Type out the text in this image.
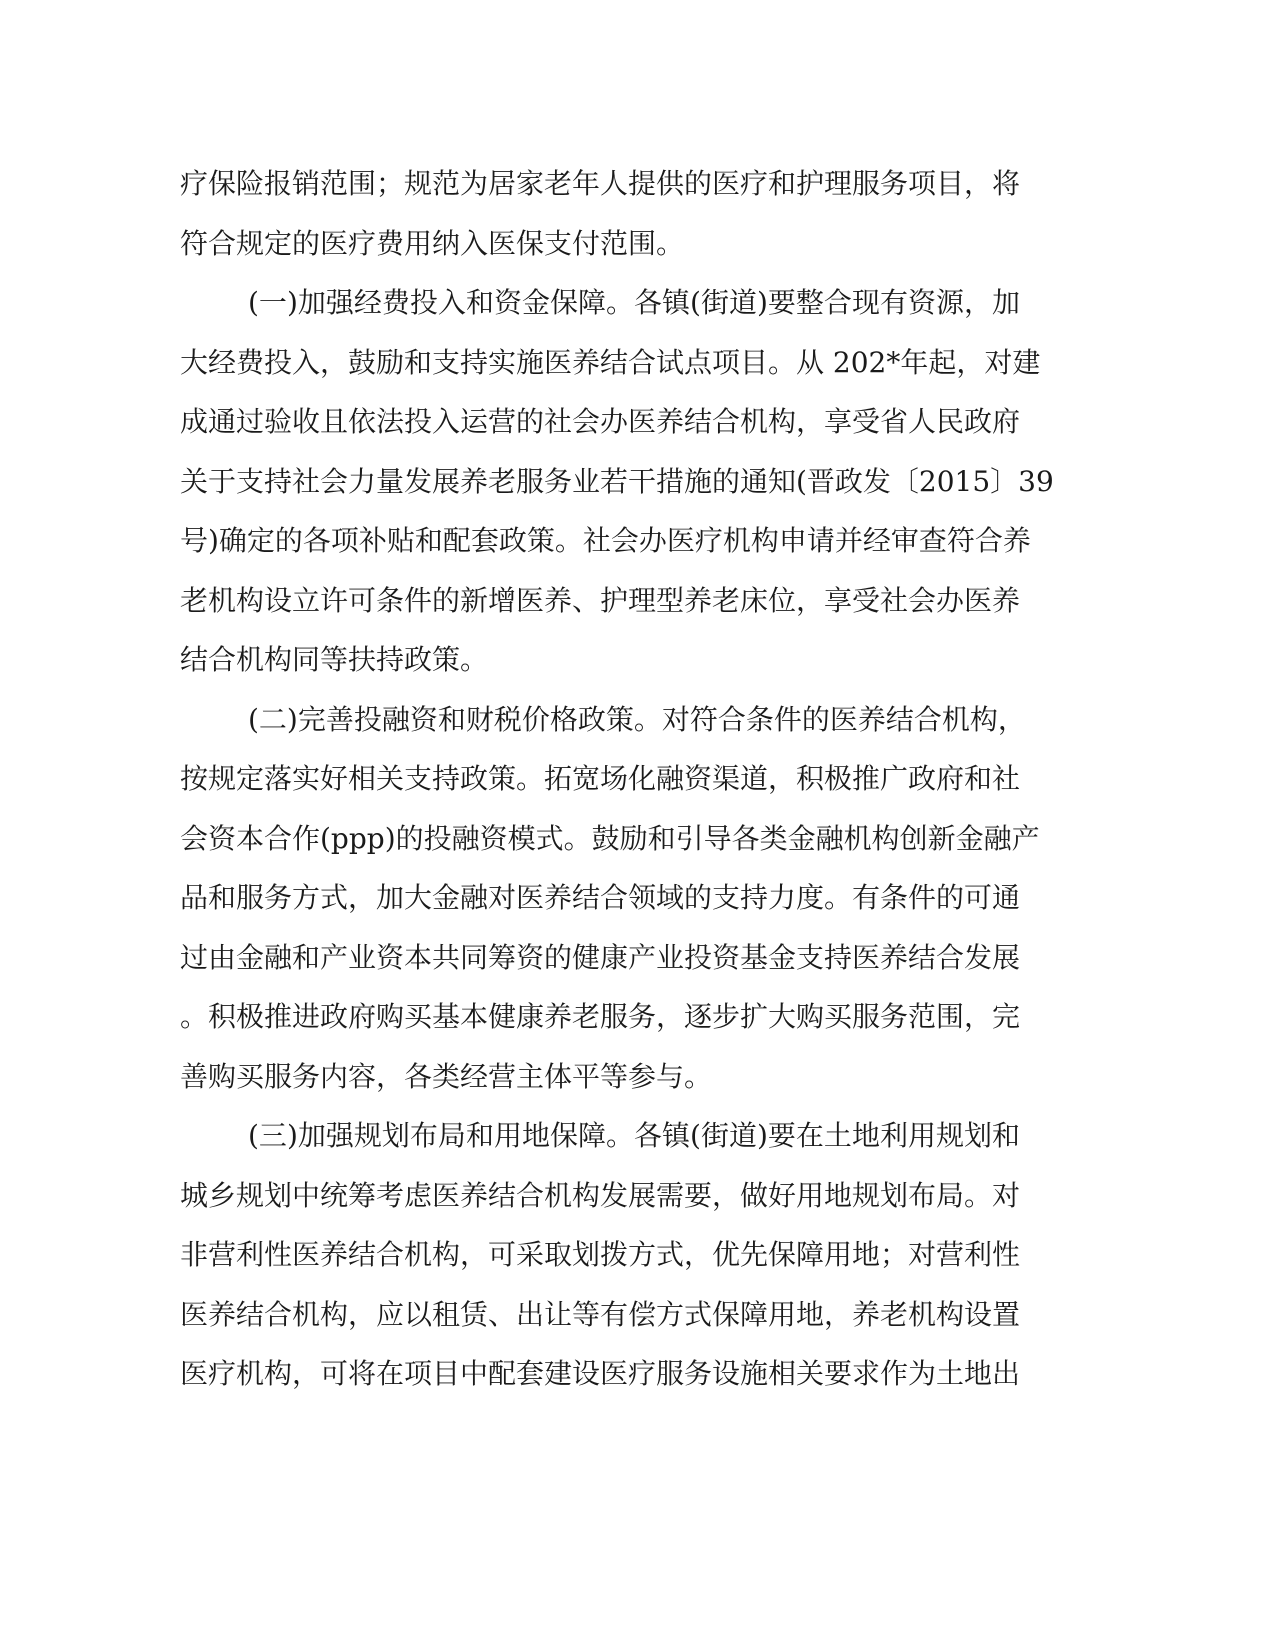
疗保险报销范围；规范为居家老年人提供的医疗和护理服务项目，将
符合规定的医疗费用纳入医保支付范围。
(一)加强经费投入和资金保障。各镇(街道)要整合现有资源，加
大经费投入，鼓励和支持实施医养结合试点项目。从 202*年起，对建
成通过验收且依法投入运营的社会办医养结合机构，享受省人民政府
关于支持社会力量发展养老服务业若干措施的通知(晋政发〔2015〕39
号)确定的各项补贴和配套政策。社会办医疗机构申请并经审查符合养
老机构设立许可条件的新增医养、护理型养老床位，享受社会办医养
结合机构同等扶持政策。
(二)完善投融资和财税价格政策。对符合条件的医养结合机构，
按规定落实好相关支持政策。拓宽场化融资渠道，积极推广政府和社
会资本合作(ppp)的投融资模式。鼓励和引导各类金融机构创新金融产
品和服务方式，加大金融对医养结合领域的支持力度。有条件的可通
过由金融和产业资本共同筹资的健康产业投资基金支持医养结合发展
。积极推进政府购买基本健康养老服务，逐步扩大购买服务范围，完
善购买服务内容，各类经营主体平等参与。
(三)加强规划布局和用地保障。各镇(街道)要在土地利用规划和
城乡规划中统筹考虑医养结合机构发展需要，做好用地规划布局。对
非营利性医养结合机构，可采取划拨方式，优先保障用地；对营利性
医养结合机构，应以租赁、出让等有偿方式保障用地，养老机构设置
医疗机构，可将在项目中配套建设医疗服务设施相关要求作为土地出
